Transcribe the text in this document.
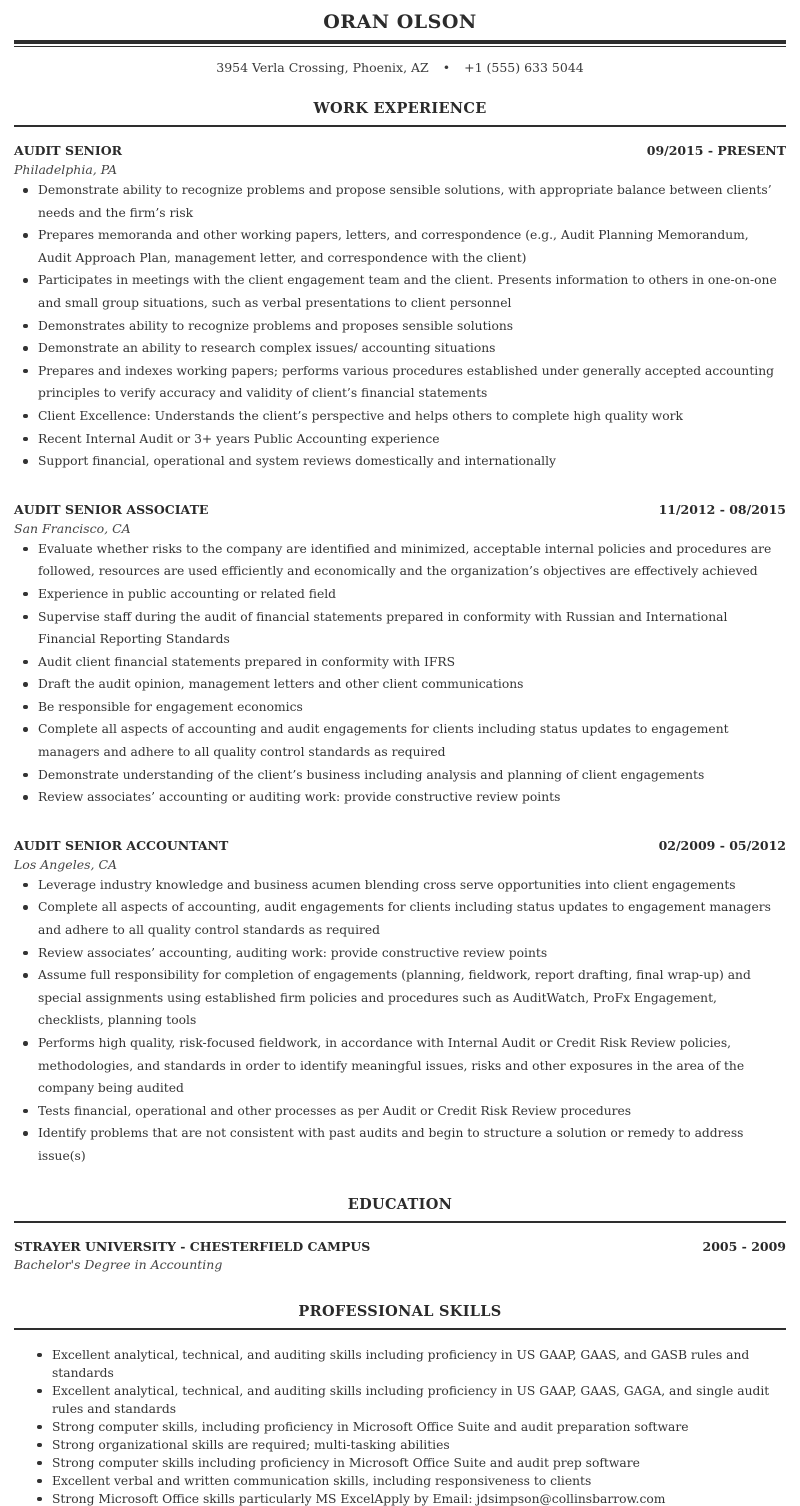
ORAN OLSON
3954 Verla Crossing, Phoenix, AZ • +1 (555) 633 5044
WORK EXPERIENCE
AUDIT SENIOR	09/2015 - PRESENT
Philadelphia, PA
Demonstrate ability to recognize problems and propose sensible solutions, with appropriate balance between clients’ needs and the firm’s risk
Prepares memoranda and other working papers, letters, and correspondence (e.g., Audit Planning Memorandum, Audit Approach Plan, management letter, and correspondence with the client)
Participates in meetings with the client engagement team and the client. Presents information to others in one-on-one and small group situations, such as verbal presentations to client personnel
Demonstrates ability to recognize problems and proposes sensible solutions
Demonstrate an ability to research complex issues/ accounting situations
Prepares and indexes working papers; performs various procedures established under generally accepted accounting principles to verify accuracy and validity of client’s financial statements
Client Excellence: Understands the client’s perspective and helps others to complete high quality work
Recent Internal Audit or 3+ years Public Accounting experience
Support financial, operational and system reviews domestically and internationally
AUDIT SENIOR ASSOCIATE	11/2012 - 08/2015
San Francisco, CA
Evaluate whether risks to the company are identified and minimized, acceptable internal policies and procedures are followed, resources are used efficiently and economically and the organization’s objectives are effectively achieved
Experience in public accounting or related field
Supervise staff during the audit of financial statements prepared in conformity with Russian and International Financial Reporting Standards
Audit client financial statements prepared in conformity with IFRS
Draft the audit opinion, management letters and other client communications
Be responsible for engagement economics
Complete all aspects of accounting and audit engagements for clients including status updates to engagement managers and adhere to all quality control standards as required
Demonstrate understanding of the client’s business including analysis and planning of client engagements
Review associates’ accounting or auditing work: provide constructive review points
AUDIT SENIOR ACCOUNTANT	02/2009 - 05/2012
Los Angeles, CA
Leverage industry knowledge and business acumen blending cross serve opportunities into client engagements
Complete all aspects of accounting, audit engagements for clients including status updates to engagement managers and adhere to all quality control standards as required
Review associates’ accounting, auditing work: provide constructive review points
Assume full responsibility for completion of engagements (planning, fieldwork, report drafting, final wrap-up) and special assignments using established firm policies and procedures such as AuditWatch, ProFx Engagement, checklists, planning tools
Performs high quality, risk-focused fieldwork, in accordance with Internal Audit or Credit Risk Review policies, methodologies, and standards in order to identify meaningful issues, risks and other exposures in the area of the company being audited
Tests financial, operational and other processes as per Audit or Credit Risk Review procedures
Identify problems that are not consistent with past audits and begin to structure a solution or remedy to address issue(s)
EDUCATION
STRAYER UNIVERSITY - CHESTERFIELD CAMPUS	2005 - 2009
Bachelor's Degree in Accounting
PROFESSIONAL SKILLS
Excellent analytical, technical, and auditing skills including proficiency in US GAAP, GAAS, and GASB rules and standards
Excellent analytical, technical, and auditing skills including proficiency in US GAAP, GAAS, GAGA, and single audit rules and standards
Strong computer skills, including proficiency in Microsoft Office Suite and audit preparation software
Strong organizational skills are required; multi-tasking abilities
Strong computer skills including proficiency in Microsoft Office Suite and audit prep software
Excellent verbal and written communication skills, including responsiveness to clients
Strong Microsoft Office skills particularly MS ExcelApply by Email: jdsimpson@collinsbarrow.com
